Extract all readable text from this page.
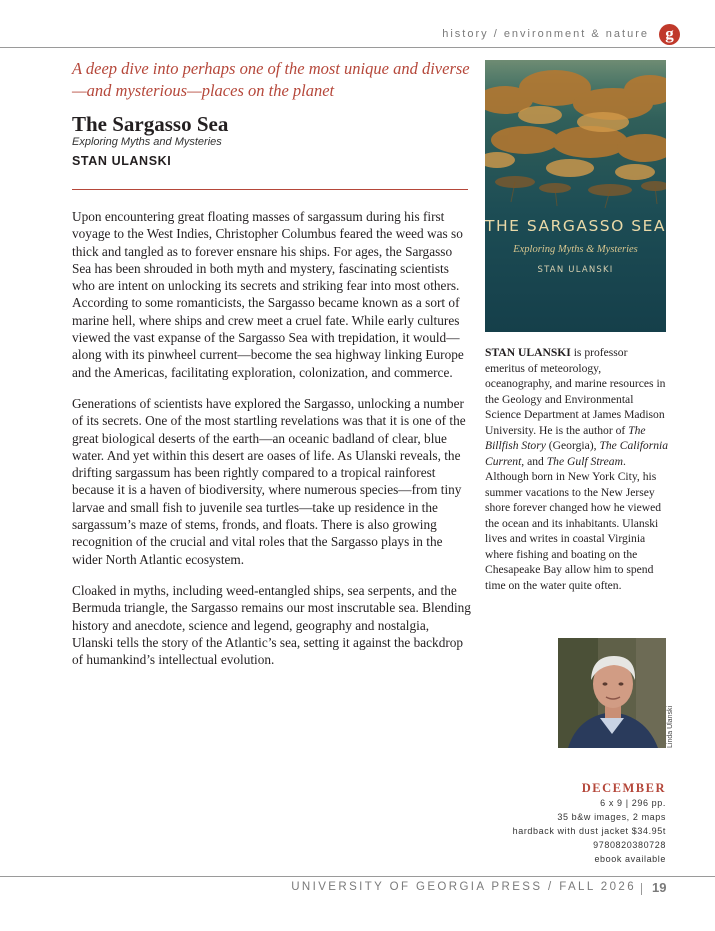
history / environment & nature g
A deep dive into perhaps one of the most unique and diverse—and mysterious—places on the planet
The Sargasso Sea
Exploring Myths and Mysteries
STAN ULANSKI

Upon encountering great floating masses of sargassum during his first voyage to the West Indies, Christopher Columbus feared the weed was so thick and tangled as to forever ensnare his ships. For ages, the Sargasso Sea has been shrouded in both myth and mystery, fascinating scientists who are intent on unlocking its secrets and striking fear into most others. According to some romanticists, the Sargasso became known as a sort of marine hell, where ships and crew meet a cruel fate. While early cultures viewed the vast expanse of the Sargasso Sea with trepidation, it would—along with its pinwheel current—become the sea highway linking Europe and the Americas, facilitating exploration, colonization, and commerce.

Generations of scientists have explored the Sargasso, unlocking a number of its secrets. One of the most startling revelations was that it is one of the great biological deserts of the earth—an oceanic badland of clear, blue water. And yet within this desert are oases of life. As Ulanski reveals, the drifting sargassum has been rightly compared to a tropical rainforest because it is a haven of biodiversity, where numerous species—from tiny larvae and small fish to juvenile sea turtles—take up residence in the sargassum’s maze of stems, fronds, and floats. There is also growing recognition of the crucial and vital roles that the Sargasso plays in the wider North Atlantic ecosystem.

Cloaked in myths, including weed-entangled ships, sea serpents, and the Bermuda triangle, the Sargasso remains our most inscrutable sea. Blending history and anecdote, science and legend, geography and nostalgia, Ulanski tells the story of the Atlantic’s sea, setting it against the backdrop of humankind’s intellectual evolution.

THE SARGASSO SEA
Exploring Myths & Mysteries
STAN ULANSKI
STAN ULANSKI is professor emeritus of meteorology, oceanography, and marine resources in the Geology and Environmental Science Department at James Madison University. He is the author of The Billfish Story (Georgia), The California Current, and The Gulf Stream. Although born in New York City, his summer vacations to the New Jersey shore forever changed how he viewed the ocean and its inhabitants. Ulanski lives and writes in coastal Virginia where fishing and boating on the Chesapeake Bay allow him to spend time on the water quite often.
Linda Ulanski
DECEMBER
6 x 9 | 296 pp.
35 b&w images, 2 maps
hardback with dust jacket $34.95t
9780820380728
ebook available
UNIVERSITY OF GEORGIA PRESS / FALL 2026 19
